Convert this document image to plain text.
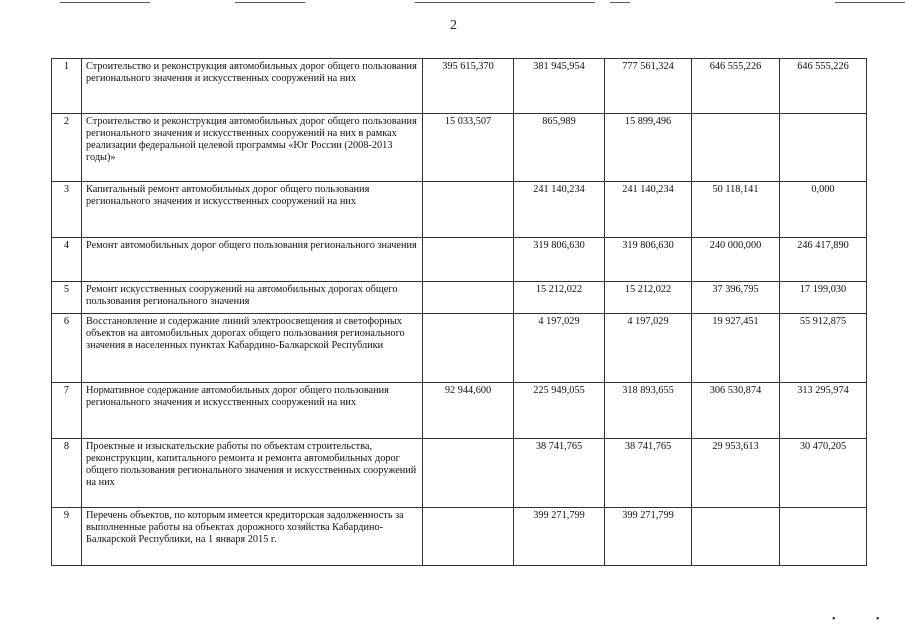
2
1	Строительство и реконструкция автомобильных дорог общего пользования регионального значения и искусственных сооружений на них	395 615,370	381 945,954	777 561,324	646 555,226	646 555,226
2	Строительство и реконструкция автомобильных дорог общего пользования регионального значения и искусственных сооружений на них в рамках реализации федеральной целевой программы «Юг России (2008-2013 годы)»	15 033,507	865,989	15 899,496		
3	Капитальный ремонт автомобильных дорог общего пользования регионального значения и искусственных сооружений на них		241 140,234	241 140,234	50 118,141	0,000
4	Ремонт автомобильных дорог общего пользования регионального значения		319 806,630	319 806,630	240 000,000	246 417,890
5	Ремонт искусственных сооружений на автомобильных дорогах общего пользования регионального значения		15 212,022	15 212,022	37 396,795	17 199,030
6	Восстановление и содержание линий электроосвещения и светофорных объектов на автомобильных дорогах общего пользования регионального значения в населенных пунктах Кабардино-Балкарской Республики		4 197,029	4 197,029	19 927,451	55 912,875
7	Нормативное содержание автомобильных дорог общего пользования регионального значения и искусственных сооружений на них	92 944,600	225 949,055	318 893,655	306 530,874	313 295,974
8	Проектные и изыскательские работы по объектам строительства, реконструкции, капитального ремонта и ремонта автомобильных дорог общего пользования регионального значения и искусственных сооружений на них		38 741,765	38 741,765	29 953,613	30 470,205
9	Перечень объектов, по которым имеется кредиторская задолженность за выполненные работы на объектах дорожного хозяйства Кабардино-Балкарской Республики, на 1 января 2015 г.		399 271,799	399 271,799		
•	•
